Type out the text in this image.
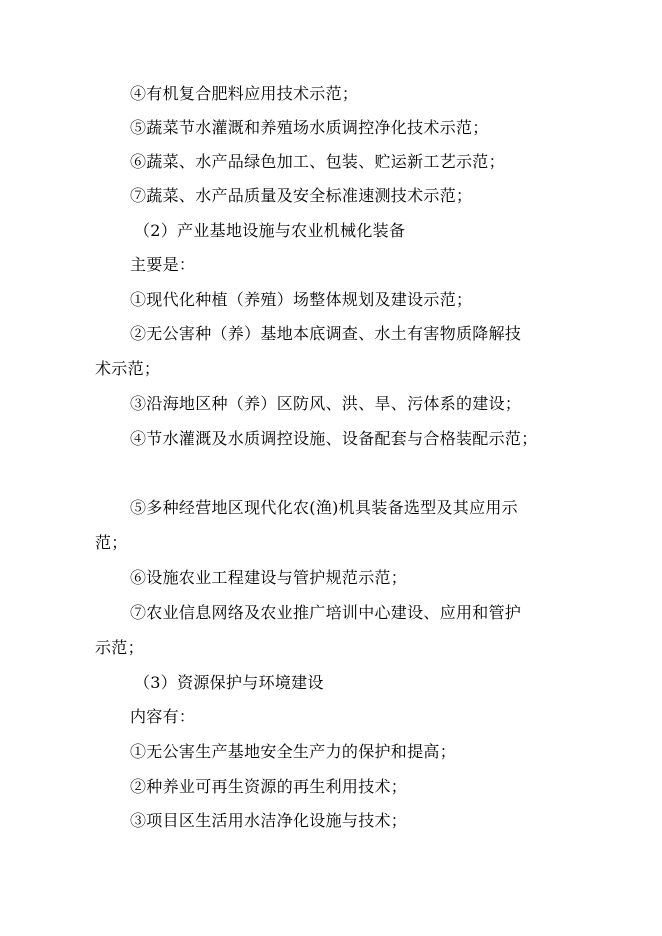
④有机复合肥料应用技术示范；
⑤蔬菜节水灌溉和养殖场水质调控净化技术示范；
⑥蔬菜、水产品绿色加工、包装、贮运新工艺示范；
⑦蔬菜、水产品质量及安全标准速测技术示范；
（2）产业基地设施与农业机械化装备
主要是：
①现代化种植（养殖）场整体规划及建设示范；
②无公害种（养）基地本底调查、水土有害物质降解技
术示范；
③沿海地区种（养）区防风、洪、旱、污体系的建设；
④节水灌溉及水质调控设施、设备配套与合格装配示范；
⑤多种经营地区现代化农(渔)机具装备选型及其应用示
范；
⑥设施农业工程建设与管护规范示范；
⑦农业信息网络及农业推广培训中心建设、应用和管护
示范；
（3）资源保护与环境建设
内容有：
①无公害生产基地安全生产力的保护和提高；
②种养业可再生资源的再生利用技术；
③项目区生活用水洁净化设施与技术；
